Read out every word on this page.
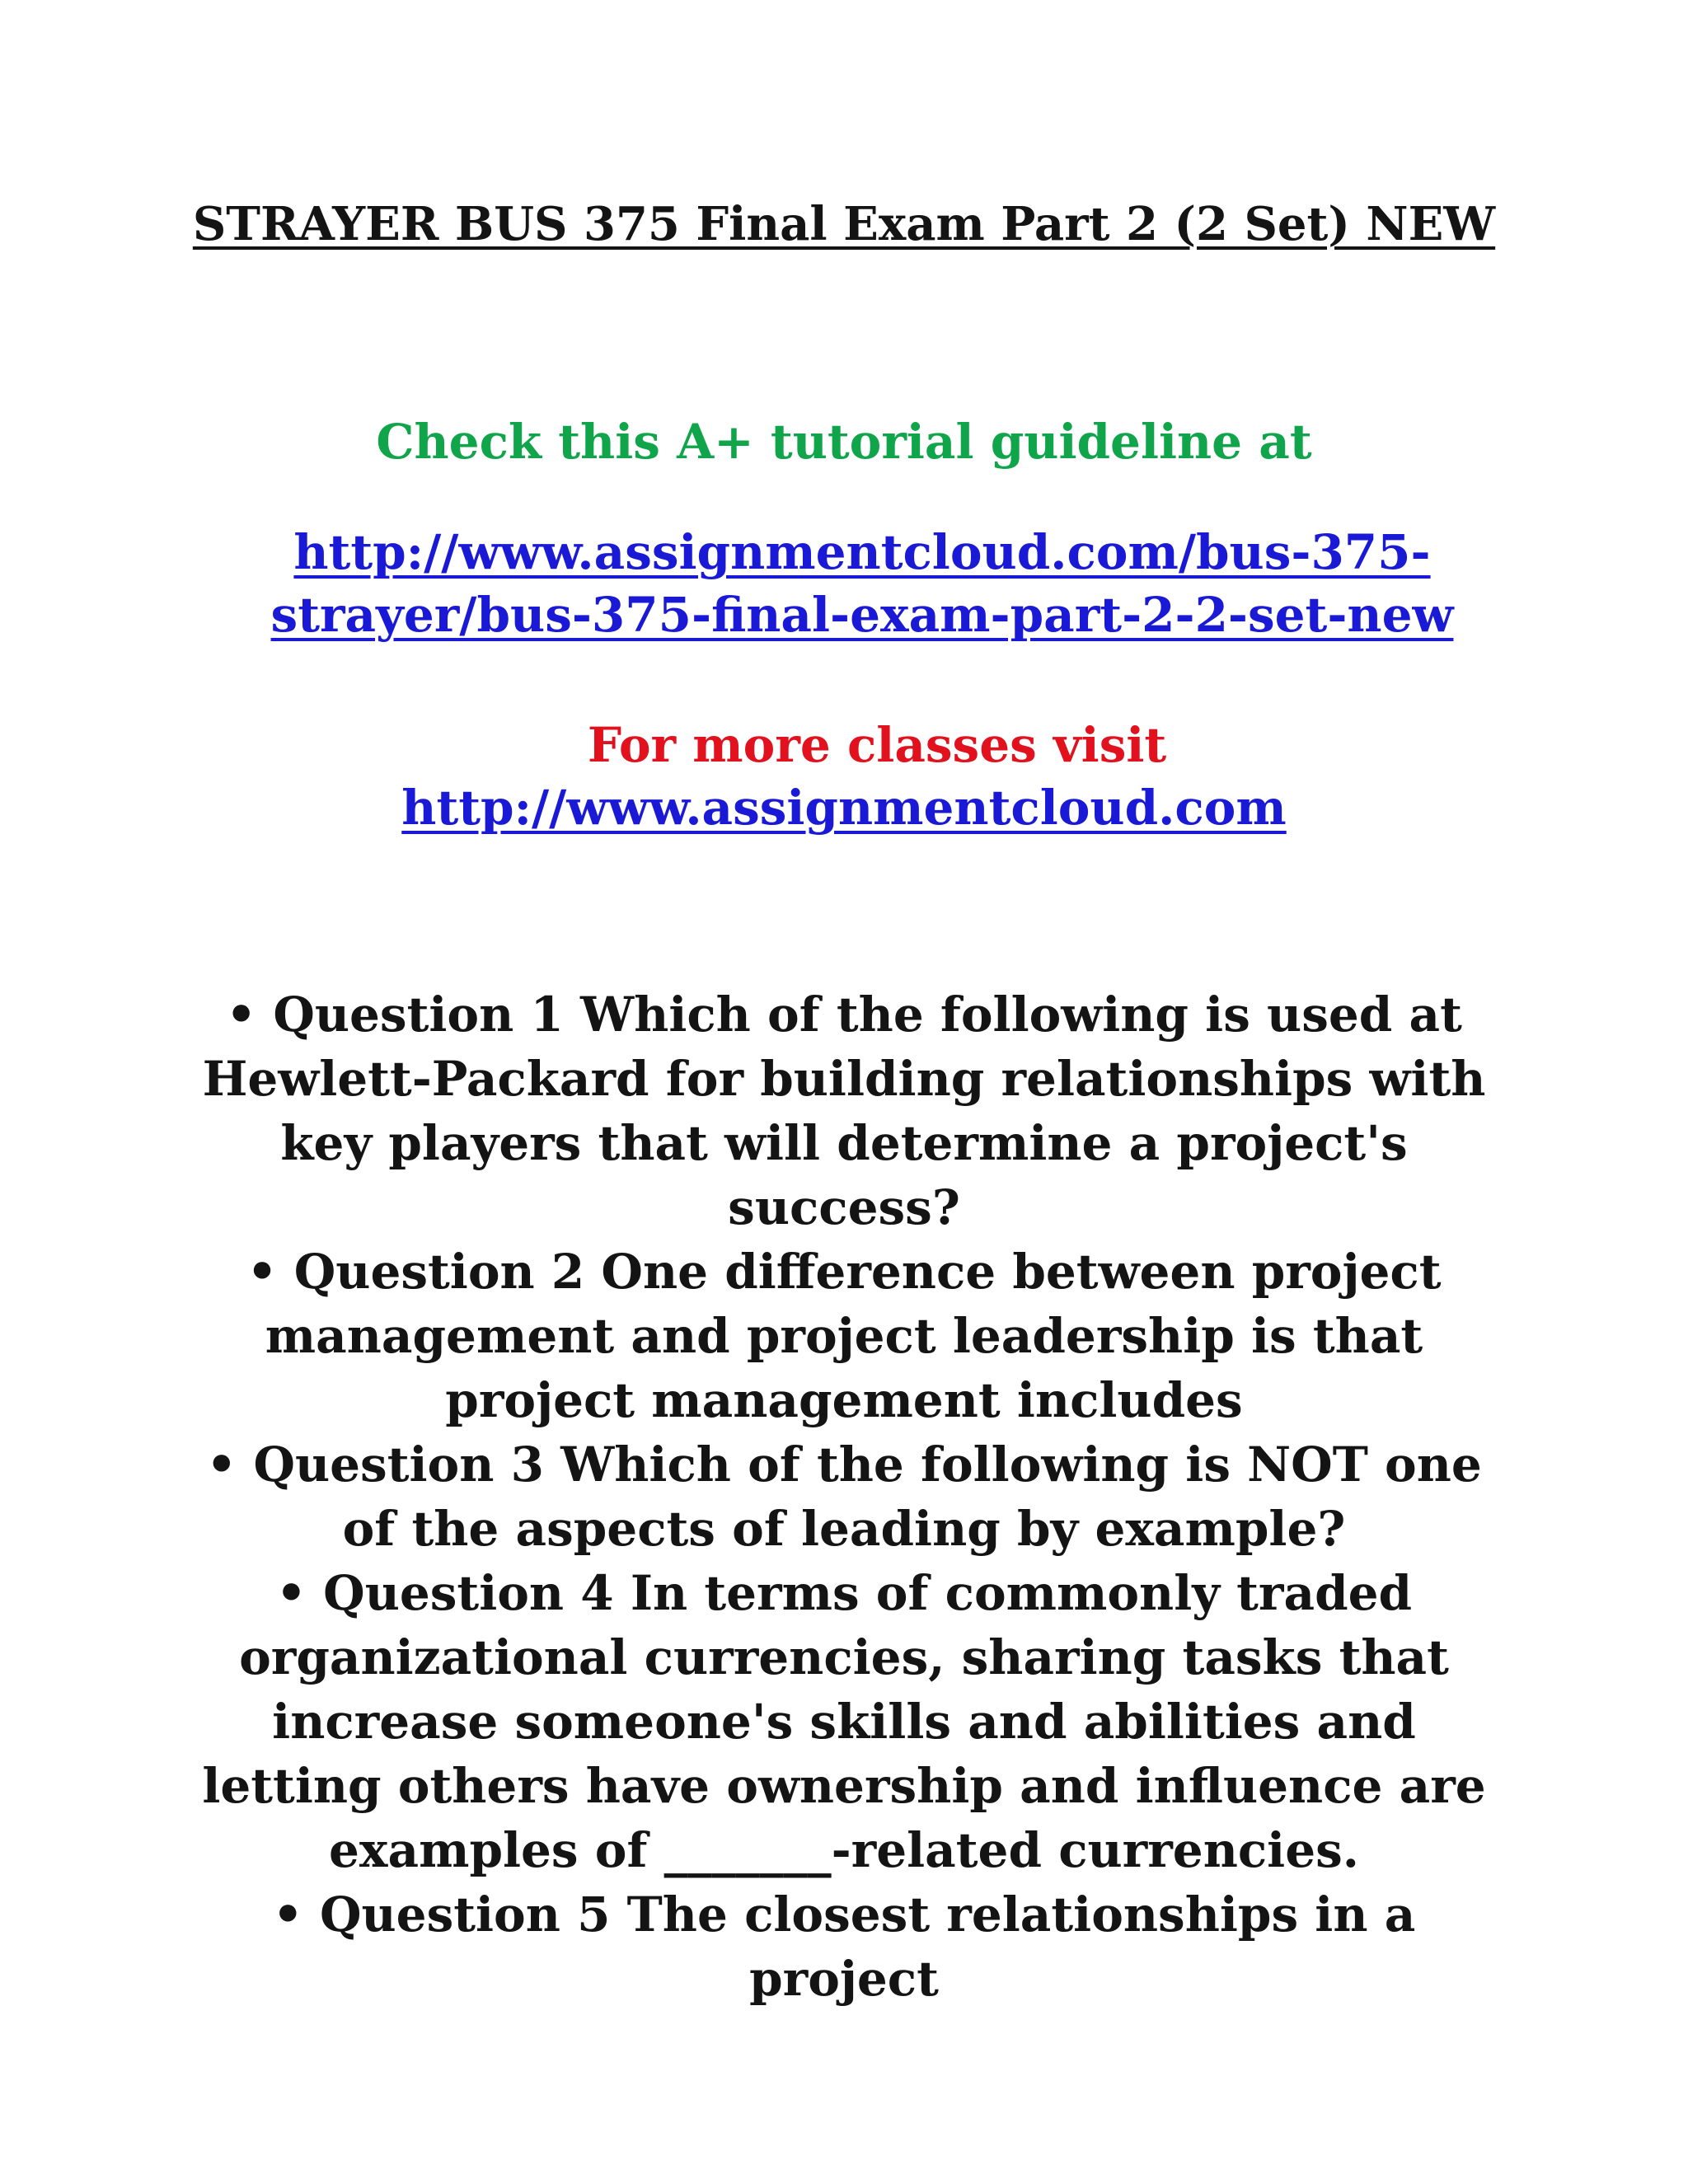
STRAYER BUS 375 Final Exam Part 2 (2 Set) NEW
Check this A+ tutorial guideline at
http://www.assignmentcloud.com/bus-375-
strayer/bus-375-final-exam-part-2-2-set-new
For more classes visit
http://www.assignmentcloud.com

• Question 1 Which of the following is used at Hewlett-Packard for building relationships with key players that will determine a project's success?

• Question 2 One difference between project management and project leadership is that project management includes

• Question 3 Which of the following is NOT one of the aspects of leading by example?

• Question 4 In terms of commonly traded organizational currencies, sharing tasks that increase someone's skills and abilities and letting others have ownership and influence are examples of _______-related currencies.

• Question 5 The closest relationships in a project
